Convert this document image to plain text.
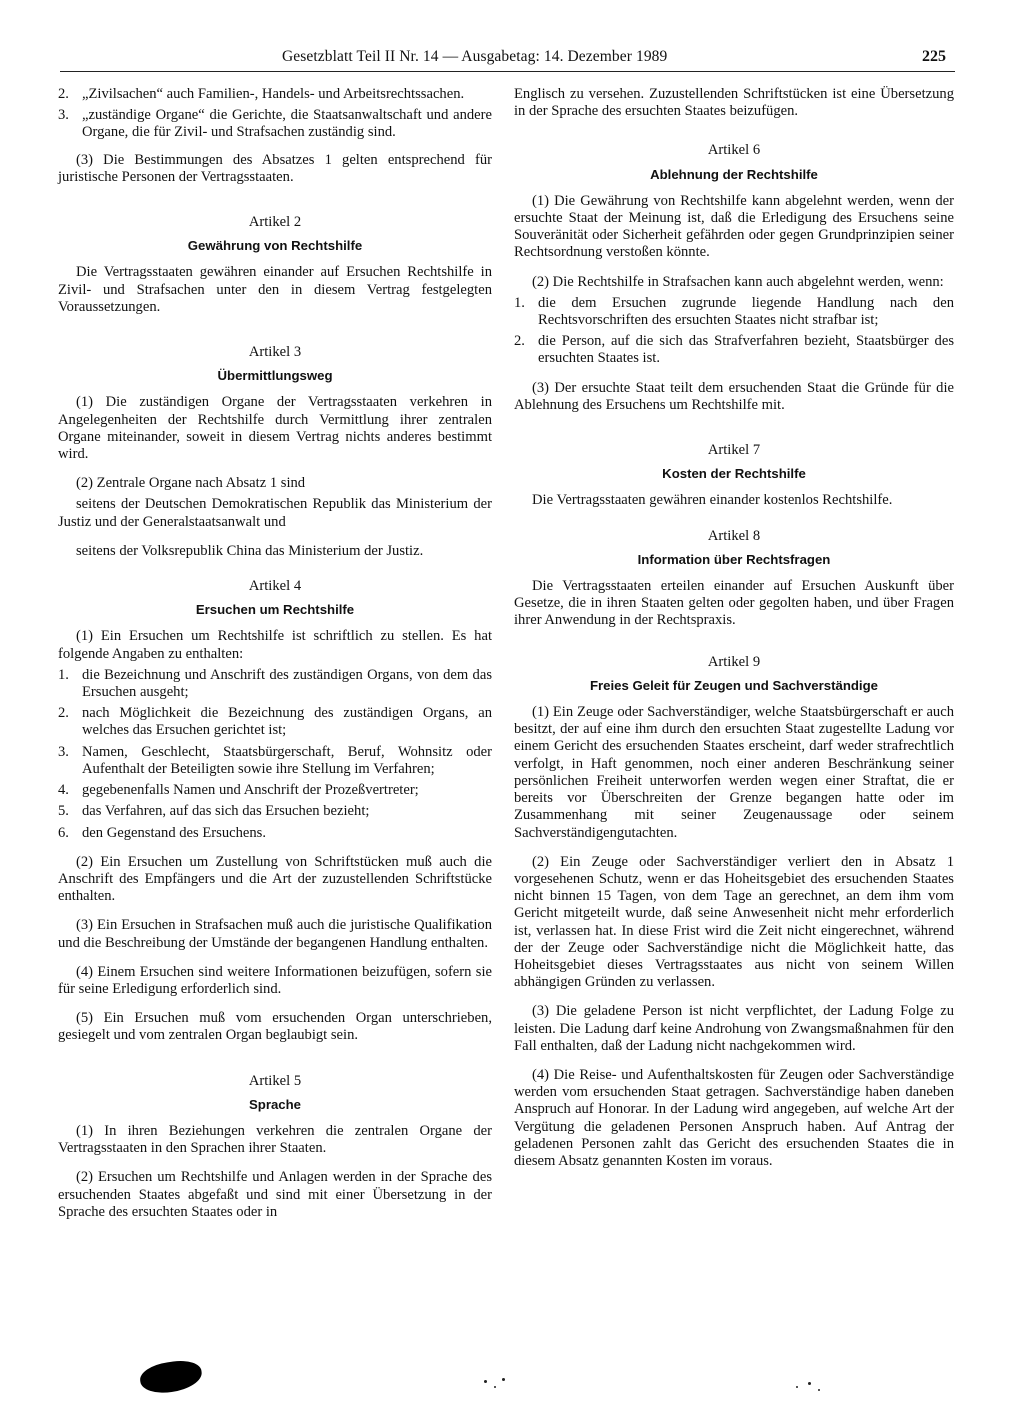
Gesetzblatt Teil II Nr. 14 — Ausgabetag: 14. Dezember 1989	225
2. „Zivilsachen“ auch Familien-, Handels- und Arbeitsrechtssachen.
3. „zuständige Organe“ die Gerichte, die Staatsanwaltschaft und andere Organe, die für Zivil- und Strafsachen zuständig sind.

(3) Die Bestimmungen des Absatzes 1 gelten entsprechend für juristische Personen der Vertragsstaaten.

Artikel 2
Gewährung von Rechtshilfe

Die Vertragsstaaten gewähren einander auf Ersuchen Rechtshilfe in Zivil- und Strafsachen unter den in diesem Vertrag festgelegten Voraussetzungen.

Artikel 3
Übermittlungsweg

(1) Die zuständigen Organe der Vertragsstaaten verkehren in Angelegenheiten der Rechtshilfe durch Vermittlung ihrer zentralen Organe miteinander, soweit in diesem Vertrag nichts anderes bestimmt wird.

(2) Zentrale Organe nach Absatz 1 sind

seitens der Deutschen Demokratischen Republik das Ministerium der Justiz und der Generalstaatsanwalt und

seitens der Volksrepublik China das Ministerium der Justiz.

Artikel 4
Ersuchen um Rechtshilfe

(1) Ein Ersuchen um Rechtshilfe ist schriftlich zu stellen. Es hat folgende Angaben zu enthalten:

1. die Bezeichnung und Anschrift des zuständigen Organs, von dem das Ersuchen ausgeht;
2. nach Möglichkeit die Bezeichnung des zuständigen Organs, an welches das Ersuchen gerichtet ist;
3. Namen, Geschlecht, Staatsbürgerschaft, Beruf, Wohnsitz oder Aufenthalt der Beteiligten sowie ihre Stellung im Verfahren;
4. gegebenenfalls Namen und Anschrift der Prozeßvertreter;
5. das Verfahren, auf das sich das Ersuchen bezieht;
6. den Gegenstand des Ersuchens.

(2) Ein Ersuchen um Zustellung von Schriftstücken muß auch die Anschrift des Empfängers und die Art der zuzustellenden Schriftstücke enthalten.

(3) Ein Ersuchen in Strafsachen muß auch die juristische Qualifikation und die Beschreibung der Umstände der begangenen Handlung enthalten.

(4) Einem Ersuchen sind weitere Informationen beizufügen, sofern sie für seine Erledigung erforderlich sind.

(5) Ein Ersuchen muß vom ersuchenden Organ unterschrieben, gesiegelt und vom zentralen Organ beglaubigt sein.

Artikel 5
Sprache

(1) In ihren Beziehungen verkehren die zentralen Organe der Vertragsstaaten in den Sprachen ihrer Staaten.

(2) Ersuchen um Rechtshilfe und Anlagen werden in der Sprache des ersuchenden Staates abgefaßt und sind mit einer Übersetzung in der Sprache des ersuchten Staates oder in

Englisch zu versehen. Zuzustellenden Schriftstücken ist eine Übersetzung in der Sprache des ersuchten Staates beizufügen.

Artikel 6
Ablehnung der Rechtshilfe

(1) Die Gewährung von Rechtshilfe kann abgelehnt werden, wenn der ersuchte Staat der Meinung ist, daß die Erledigung des Ersuchens seine Souveränität oder Sicherheit gefährden oder gegen Grundprinzipien seiner Rechtsordnung verstoßen könnte.

(2) Die Rechtshilfe in Strafsachen kann auch abgelehnt werden, wenn:

1. die dem Ersuchen zugrunde liegende Handlung nach den Rechtsvorschriften des ersuchten Staates nicht strafbar ist;
2. die Person, auf die sich das Strafverfahren bezieht, Staatsbürger des ersuchten Staates ist.

(3) Der ersuchte Staat teilt dem ersuchenden Staat die Gründe für die Ablehnung des Ersuchens um Rechtshilfe mit.

Artikel 7
Kosten der Rechtshilfe

Die Vertragsstaaten gewähren einander kostenlos Rechtshilfe.

Artikel 8
Information über Rechtsfragen

Die Vertragsstaaten erteilen einander auf Ersuchen Auskunft über Gesetze, die in ihren Staaten gelten oder gegolten haben, und über Fragen ihrer Anwendung in der Rechtspraxis.

Artikel 9
Freies Geleit für Zeugen und Sachverständige

(1) Ein Zeuge oder Sachverständiger, welche Staatsbürgerschaft er auch besitzt, der auf eine ihm durch den ersuchten Staat zugestellte Ladung vor einem Gericht des ersuchenden Staates erscheint, darf weder strafrechtlich verfolgt, in Haft genommen, noch einer anderen Beschränkung seiner persönlichen Freiheit unterworfen werden wegen einer Straftat, die er bereits vor Überschreiten der Grenze begangen hatte oder im Zusammenhang mit seiner Zeugenaussage oder seinem Sachverständigengutachten.

(2) Ein Zeuge oder Sachverständiger verliert den in Absatz 1 vorgesehenen Schutz, wenn er das Hoheitsgebiet des ersuchenden Staates nicht binnen 15 Tagen, von dem Tage an gerechnet, an dem ihm vom Gericht mitgeteilt wurde, daß seine Anwesenheit nicht mehr erforderlich ist, verlassen hat. In diese Frist wird die Zeit nicht eingerechnet, während der der Zeuge oder Sachverständige nicht die Möglichkeit hatte, das Hoheitsgebiet dieses Vertragsstaates aus nicht von seinem Willen abhängigen Gründen zu verlassen.

(3) Die geladene Person ist nicht verpflichtet, der Ladung Folge zu leisten. Die Ladung darf keine Androhung von Zwangsmaßnahmen für den Fall enthalten, daß der Ladung nicht nachgekommen wird.

(4) Die Reise- und Aufenthaltskosten für Zeugen oder Sachverständige werden vom ersuchenden Staat getragen. Sachverständige haben daneben Anspruch auf Honorar. In der Ladung wird angegeben, auf welche Art der Vergütung die geladenen Personen Anspruch haben. Auf Antrag der geladenen Personen zahlt das Gericht des ersuchenden Staates die in diesem Absatz genannten Kosten im voraus.
